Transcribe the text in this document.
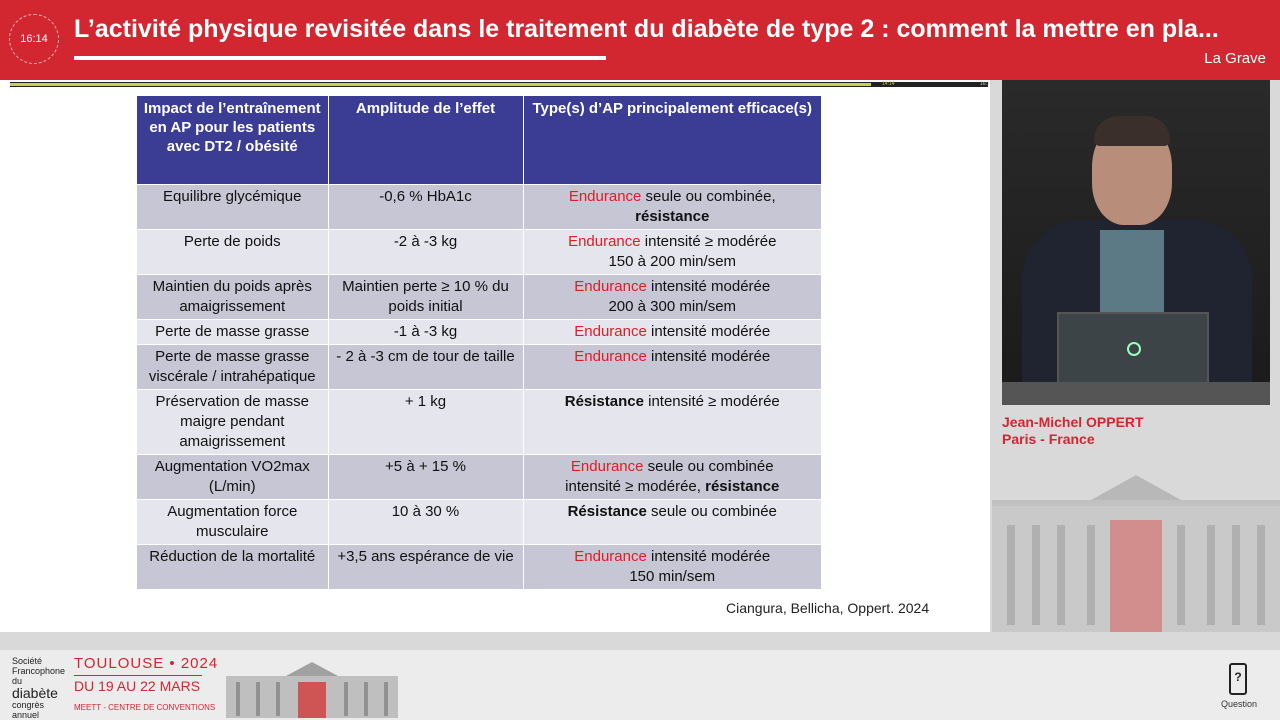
16:14	L’activité physique revisitée dans le traitement du diabète de type 2 : comment la mettre en pla...
La Grave
14:14	16:14
Impact de l’entraînement en AP pour les patients avec DT2 / obésité	Amplitude de l’effet	Type(s) d’AP principalement efficace(s)
Equilibre glycémique	-0,6 % HbA1c	Endurance seule ou combinée,
résistance
Perte de poids	-2 à -3 kg	Endurance intensité ≥ modérée
150 à 200 min/sem
Maintien du poids après amaigrissement	Maintien perte ≥ 10 % du poids initial	Endurance intensité modérée
200 à 300 min/sem
Perte de masse grasse	-1 à -3 kg	Endurance intensité modérée
Perte de masse grasse viscérale / intrahépatique	- 2 à -3 cm de tour de taille	Endurance intensité modérée
Préservation de masse maigre pendant amaigrissement	+ 1 kg	Résistance intensité ≥ modérée
Augmentation VO2max (L/min)	+5 à + 15 %	Endurance seule ou combinée
intensité ≥ modérée, résistance
Augmentation force musculaire	10 à 30 %	Résistance seule ou combinée
Réduction de la mortalité	+3,5 ans espérance de vie	Endurance intensité modérée
150 min/sem
Ciangura, Bellicha, Oppert. 2024
Jean-Michel OPPERT
Paris - France
Société
Francophone
du
diabète
congrès
annuel
TOULOUSE • 2024
DU 19 AU 22 MARS
MEETT - CENTRE DE CONVENTIONS
?
Question
